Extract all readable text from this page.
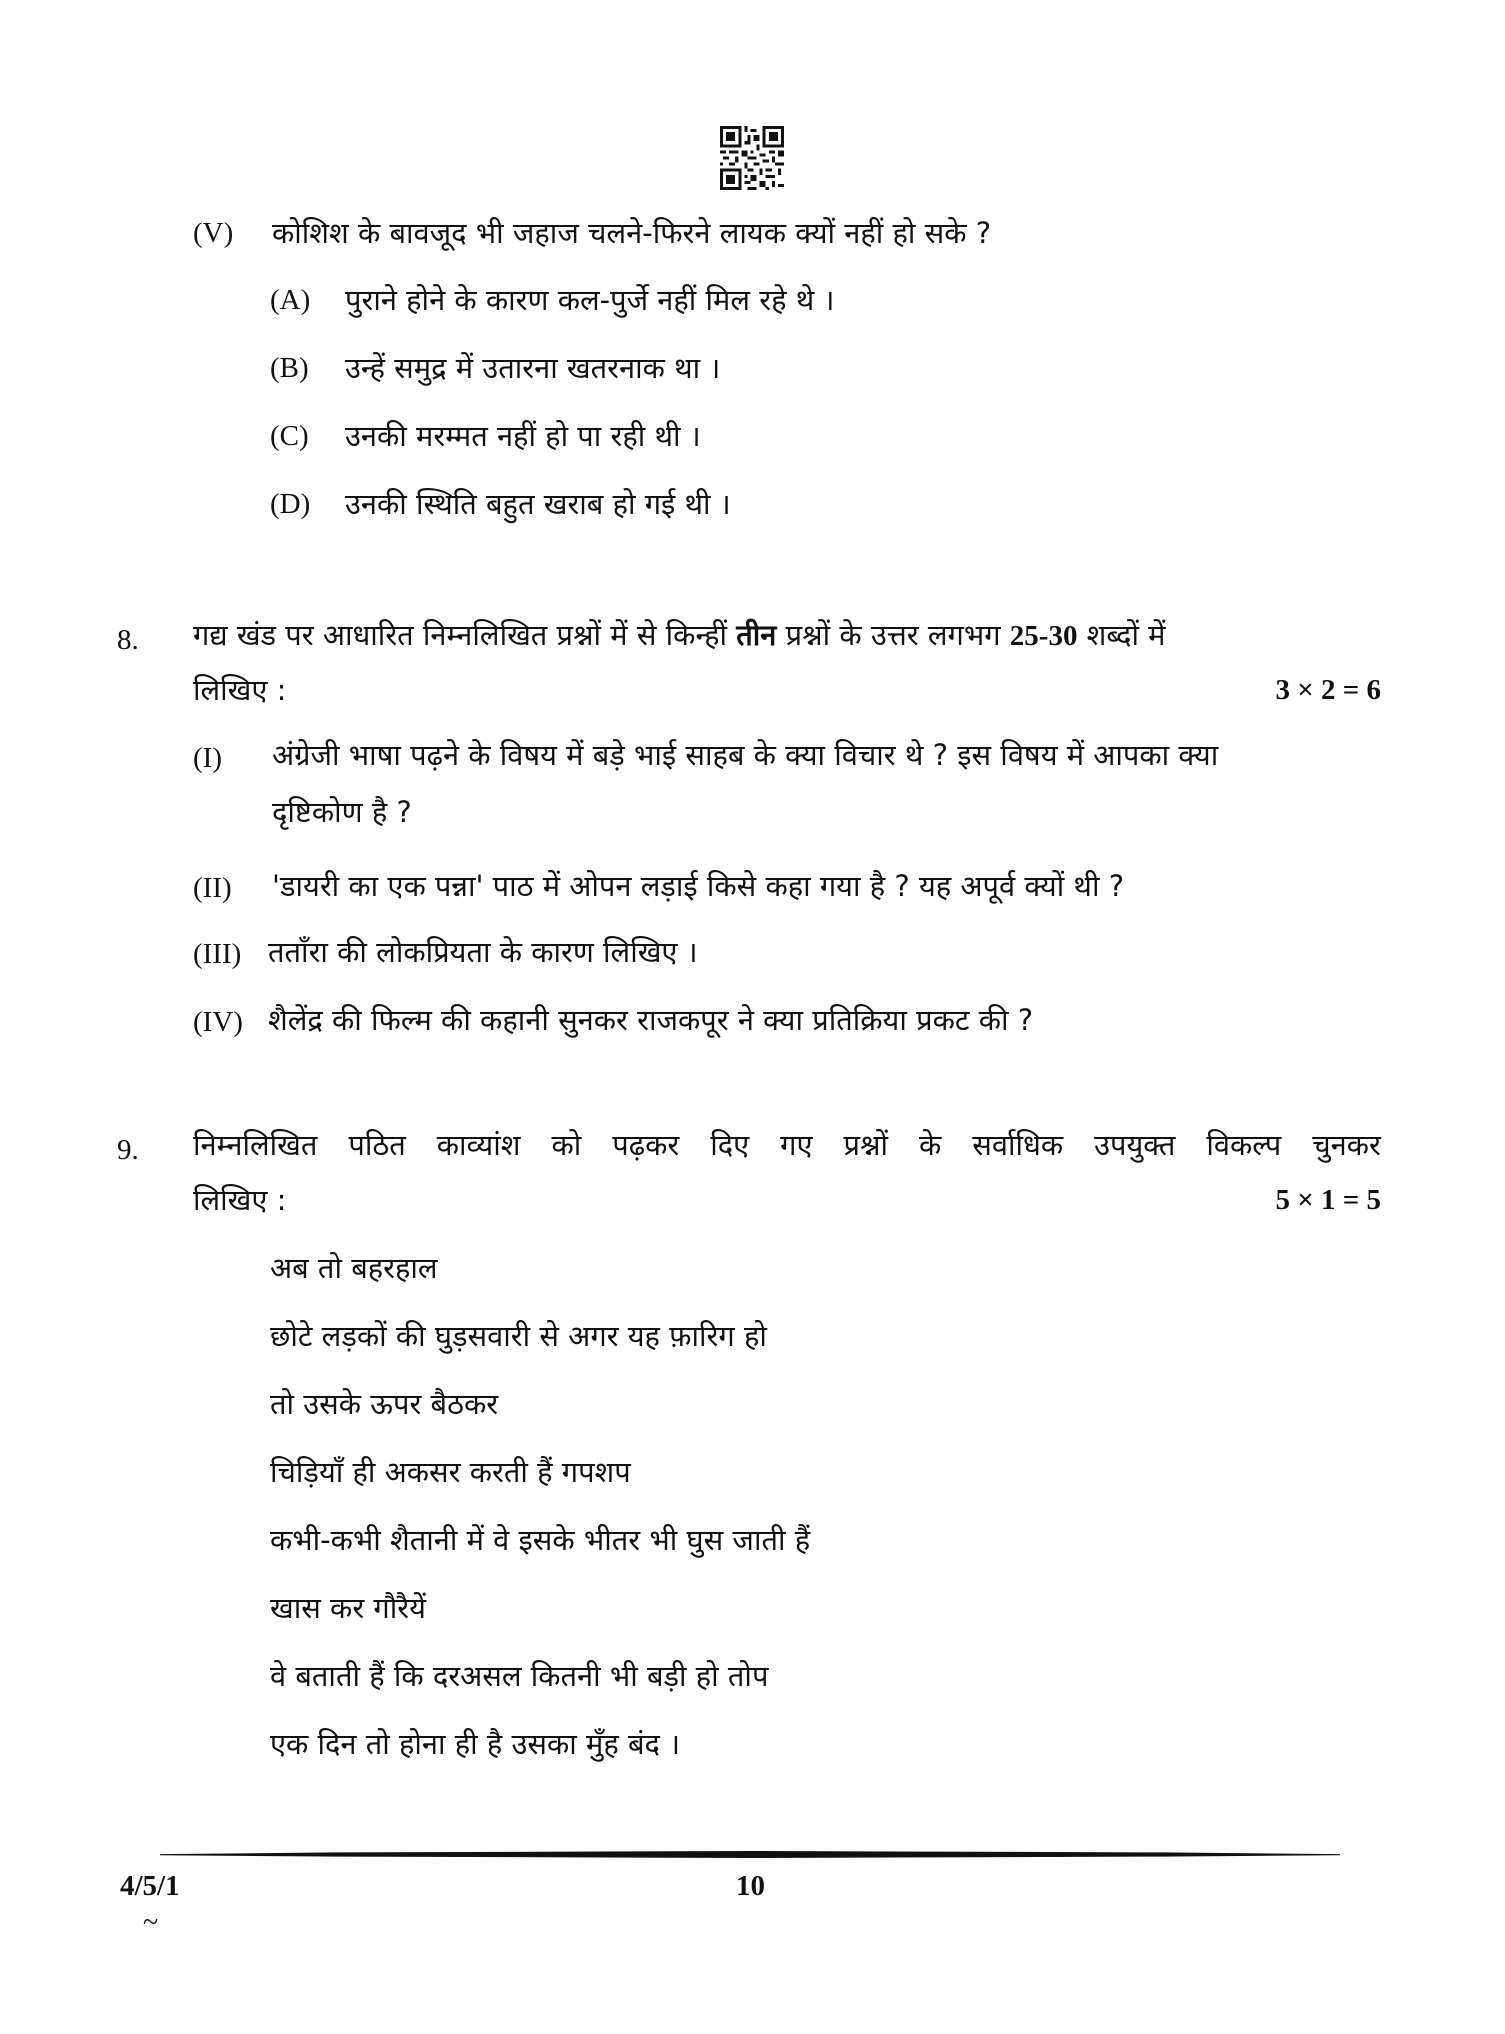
(V) कोशिश के बावजूद भी जहाज चलने-फिरने लायक क्यों नहीं हो सके ?
(A) पुराने होने के कारण कल-पुर्जे नहीं मिल रहे थे ।
(B) उन्हें समुद्र में उतारना खतरनाक था ।
(C) उनकी मरम्मत नहीं हो पा रही थी ।
(D) उनकी स्थिति बहुत खराब हो गई थी ।
8. गद्य खंड पर आधारित निम्नलिखित प्रश्नों में से किन्हीं तीन प्रश्नों के उत्तर लगभग 25-30 शब्दों में
लिखिए :	3 × 2 = 6
(I) अंग्रेजी भाषा पढ़ने के विषय में बड़े भाई साहब के क्या विचार थे ? इस विषय में आपका क्या
दृष्टिकोण है ?
(II) 'डायरी का एक पन्ना' पाठ में ओपन लड़ाई किसे कहा गया है ? यह अपूर्व क्यों थी ?
(III) तताँरा की लोकप्रियता के कारण लिखिए ।
(IV) शैलेंद्र की फिल्म की कहानी सुनकर राजकपूर ने क्या प्रतिक्रिया प्रकट की ?
9. निम्नलिखित पठित काव्यांश को पढ़कर दिए गए प्रश्नों के सर्वाधिक उपयुक्त विकल्प चुनकर
लिखिए :	5 × 1 = 5
अब तो बहरहाल
छोटे लड़कों की घुड़सवारी से अगर यह फ़ारिग हो
तो उसके ऊपर बैठकर
चिड़ियाँ ही अकसर करती हैं गपशप
कभी-कभी शैतानी में वे इसके भीतर भी घुस जाती हैं
खास कर गौरैयें
वे बताती हैं कि दरअसल कितनी भी बड़ी हो तोप
एक दिन तो होना ही है उसका मुँह बंद ।
4/5/1	10
~
